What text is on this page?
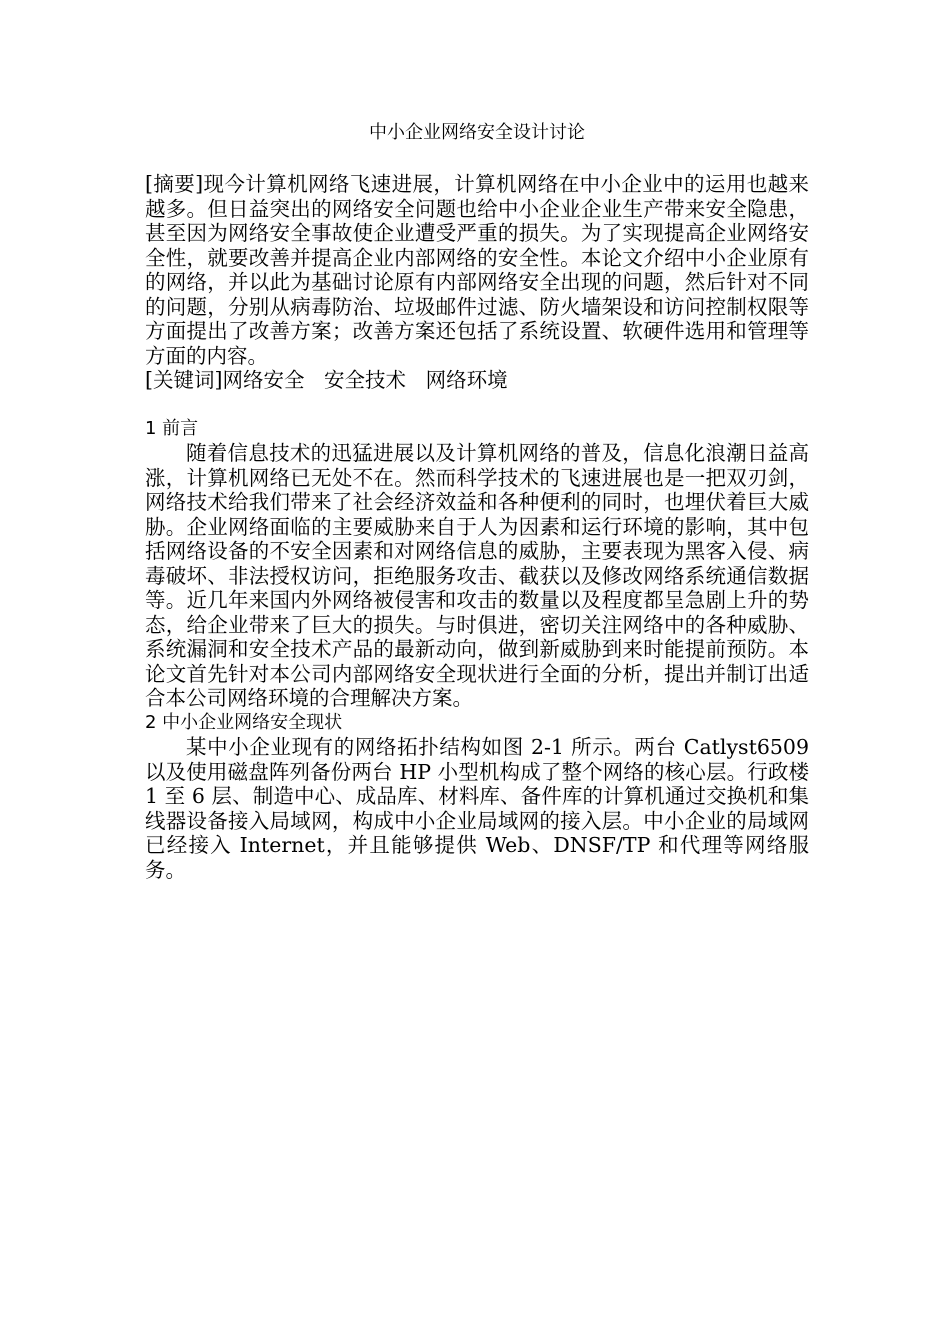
中小企业网络安全设计讨论

[摘要]现今计算机网络飞速进展，计算机网络在中小企业中的运用也越来越多。但日益突出的网络安全问题也给中小企业企业生产带来安全隐患，甚至因为网络安全事故使企业遭受严重的损失。为了实现提高企业网络安全性，就要改善并提高企业内部网络的安全性。本论文介绍中小企业原有的网络，并以此为基础讨论原有内部网络安全出现的问题，然后针对不同的问题，分别从病毒防治、垃圾邮件过滤、防火墙架设和访问控制权限等方面提出了改善方案；改善方案还包括了系统设置、软硬件选用和管理等方面的内容。

[关键词]网络安全   安全技术   网络环境

1 前言

随着信息技术的迅猛进展以及计算机网络的普及，信息化浪潮日益高涨，计算机网络已无处不在。然而科学技术的飞速进展也是一把双刃剑，网络技术给我们带来了社会经济效益和各种便利的同时，也埋伏着巨大威胁。企业网络面临的主要威胁来自于人为因素和运行环境的影响，其中包括网络设备的不安全因素和对网络信息的威胁，主要表现为黑客入侵、病毒破坏、非法授权访问，拒绝服务攻击、截获以及修改网络系统通信数据等。近几年来国内外网络被侵害和攻击的数量以及程度都呈急剧上升的势态，给企业带来了巨大的损失。与时俱进，密切关注网络中的各种威胁、系统漏洞和安全技术产品的最新动向，做到新威胁到来时能提前预防。本论文首先针对本公司内部网络安全现状进行全面的分析，提出并制订出适合本公司网络环境的合理解决方案。

2 中小企业网络安全现状

某中小企业现有的网络拓扑结构如图 2-1 所示。两台 Catlyst6509 以及使用磁盘阵列备份两台 HP 小型机构成了整个网络的核心层。行政楼 1 至 6 层、制造中心、成品库、材料库、备件库的计算机通过交换机和集线器设备接入局域网，构成中小企业局域网的接入层。中小企业的局域网已经接入 Internet，并且能够提供 Web、DNSF/TP 和代理等网络服务。
